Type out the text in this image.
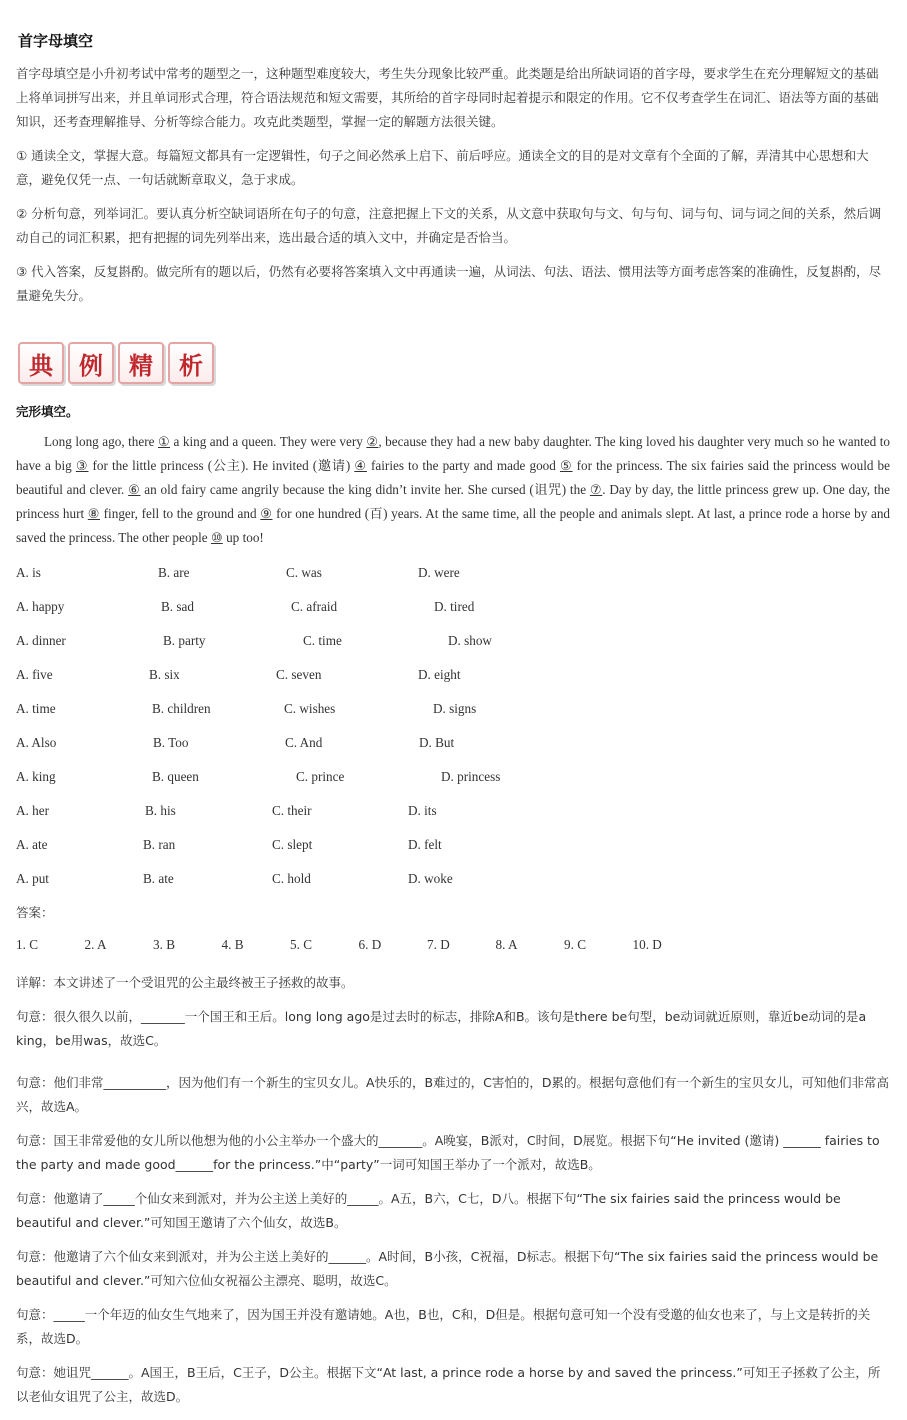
首字母填空
首字母填空是小升初考试中常考的题型之一，这种题型难度较大，考生失分现象比较严重。此类题是给出所缺词语的首字母，要求学生在充分理解短文的基础上将单词拼写出来，并且单词形式合理，符合语法规范和短文需要，其所给的首字母同时起着提示和限定的作用。它不仅考查学生在词汇、语法等方面的基础知识，还考查理解推导、分析等综合能力。攻克此类题型，掌握一定的解题方法很关键。
① 通读全文，掌握大意。每篇短文都具有一定逻辑性，句子之间必然承上启下、前后呼应。通读全文的目的是对文章有个全面的了解，弄清其中心思想和大意，避免仅凭一点、一句话就断章取义，急于求成。
② 分析句意，列举词汇。要认真分析空缺词语所在句子的句意，注意把握上下文的关系，从文意中获取句与文、句与句、词与句、词与词之间的关系，然后调动自己的词汇积累，把有把握的词先列举出来，选出最合适的填入文中，并确定是否恰当。
③ 代入答案，反复斟酌。做完所有的题以后，仍然有必要将答案填入文中再通读一遍，从词法、句法、语法、惯用法等方面考虑答案的准确性，反复斟酌，尽量避免失分。
典	例	精	析
完形填空。
Long long ago, there ① a king and a queen. They were very ②, because they had a new baby daughter. The king loved his daughter very much so he wanted to have a big ③ for the little princess (公主). He invited (邀请) ④ fairies to the party and made good ⑤ for the princess. The six fairies said the princess would be beautiful and clever. ⑥ an old fairy came angrily because the king didn’t invite her. She cursed (诅咒) the ⑦. Day by day, the little princess grew up. One day, the princess hurt ⑧ finger, fell to the ground and ⑨ for one hundred (百) years. At the same time, all the people and animals slept. At last, a prince rode a horse by and saved the princess. The other people ⑩ up too!
A. is	B. are	C. was	D. were
A. happy	B. sad	C. afraid	D. tired
A. dinner	B. party	C. time	D. show
A. five	B. six	C. seven	D. eight
A. time	B. children	C. wishes	D. signs
A. Also	B. Too	C. And	D. But
A. king	B. queen	C. prince	D. princess
A. her	B. his	C. their	D. its
A. ate	B. ran	C. slept	D. felt
A. put	B. ate	C. hold	D. woke
答案：
1. C	2. A	3. B	4. B	5. C	6. D	7. D	8. A	9. C	10. D
详解：本文讲述了一个受诅咒的公主最终被王子拯救的故事。
句意：很久很久以前，_______一个国王和王后。long long ago是过去时的标志，排除A和B。该句是there be句型，be动词就近原则，靠近be动词的是a king，be用was，故选C。
句意：他们非常__________，因为他们有一个新生的宝贝女儿。A快乐的，B难过的，C害怕的，D累的。根据句意他们有一个新生的宝贝女儿，可知他们非常高兴，故选A。
句意：国王非常爱他的女儿所以他想为他的小公主举办一个盛大的_______。A晚宴，B派对，C时间，D展览。根据下句“He invited (邀请) ______ fairies to the party and made good______for the princess.”中“party”一词可知国王举办了一个派对，故选B。
句意：他邀请了_____个仙女来到派对，并为公主送上美好的_____。A五，B六，C七，D八。根据下句“The six fairies said the princess would be beautiful and clever.”可知国王邀请了六个仙女，故选B。
句意：他邀请了六个仙女来到派对，并为公主送上美好的______。A时间，B小孩，C祝福，D标志。根据下句“The six fairies said the princess would be beautiful and clever.”可知六位仙女祝福公主漂亮、聪明，故选C。
句意：_____一个年迈的仙女生气地来了，因为国王并没有邀请她。A也，B也，C和，D但是。根据句意可知一个没有受邀的仙女也来了，与上文是转折的关系，故选D。
句意：她诅咒______。A国王，B王后，C王子，D公主。根据下文“At last, a prince rode a horse by and saved the princess.”可知王子拯救了公主，所以老仙女诅咒了公主，故选D。
